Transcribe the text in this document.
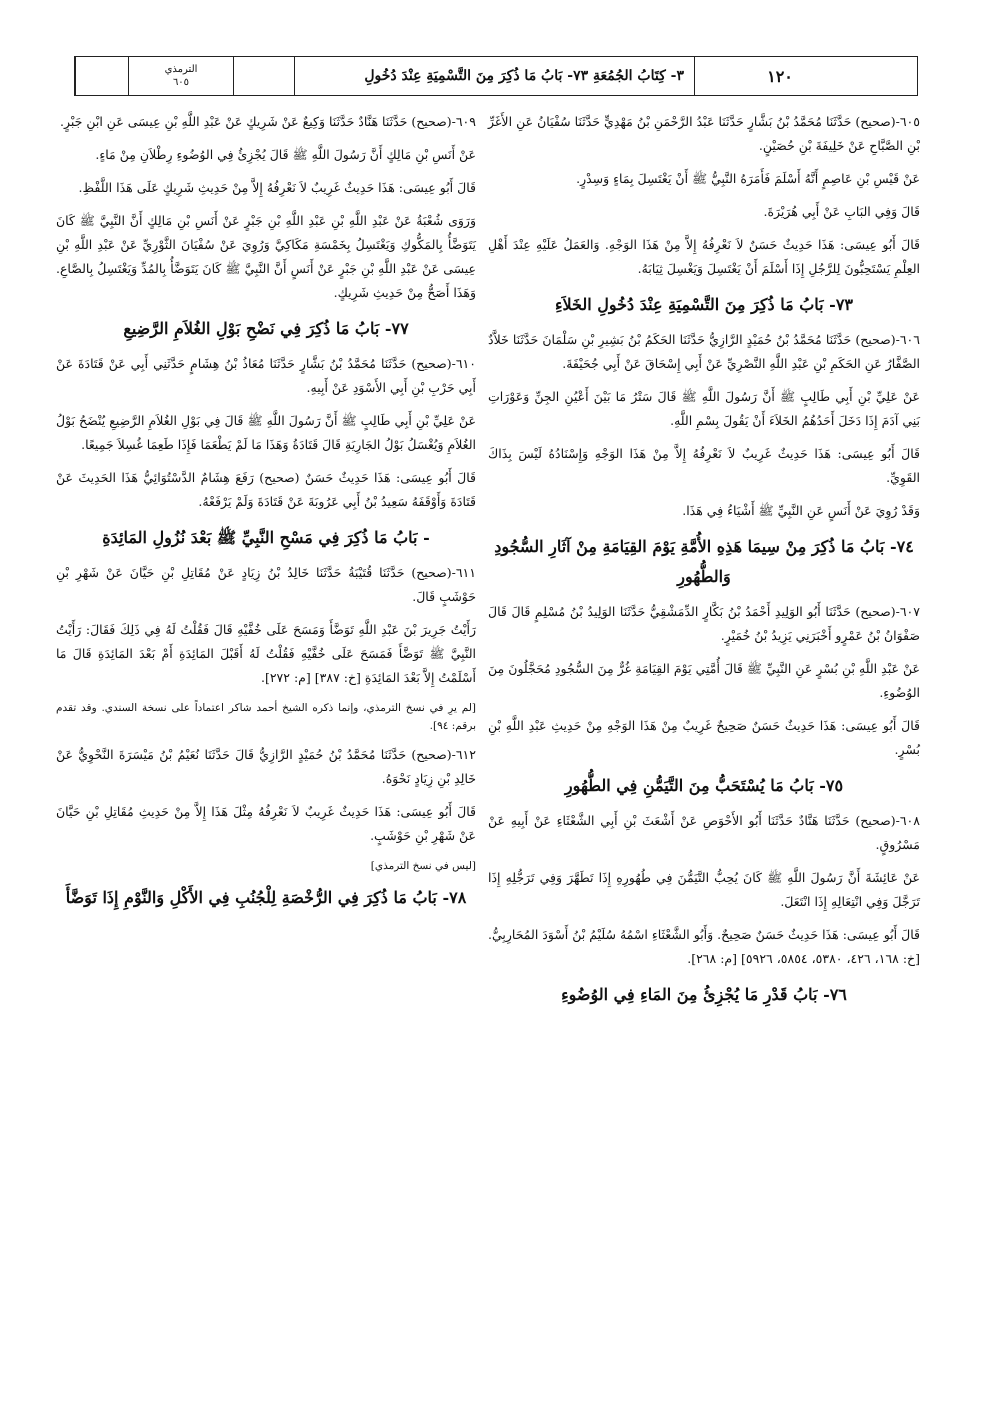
الترمذي
٦٠٥	٣- كِتَابُ الجُمُعَةِ ٧٣- بَابُ مَا ذُكِرَ مِنَ التَّسْمِيَةِ عِنْدَ دُخُولِ	١٢٠
٦٠٥-(صحيح) حَدَّثَنَا مُحَمَّدُ بْنُ بَشَّارٍ حَدَّثَنَا عَبْدُ الرَّحْمَنِ بْنُ مَهْدِيٍّ حَدَّثَنَا سُفْيَانُ عَنِ الأَغَرِّ بْنِ الصَّبَّاحِ عَنْ خَلِيفَةَ بْنِ حُصَيْنٍ.
عَنْ قَيْسِ بْنِ عَاصِمٍ أَنَّهُ أَسْلَمَ فَأَمَرَهُ النَّبِيُّ ﷺ أَنْ يَغْتَسِلَ بِمَاءٍ وَسِدْرٍ.
قَالَ وَفِي البَابِ عَنْ أَبِي هُرَيْرَةَ.
قَالَ أَبُو عِيسَى: هَذَا حَدِيثٌ حَسَنٌ لاَ نَعْرِفُهُ إِلاَّ مِنْ هَذَا الوَجْهِ. وَالعَمَلُ عَلَيْهِ عِنْدَ أَهْلِ العِلْمِ يَسْتَحِبُّونَ لِلرَّجُلِ إِذَا أَسْلَمَ أَنْ يَغْتَسِلَ وَيَغْسِلَ ثِيَابَهُ.
٧٣- بَابُ مَا ذُكِرَ مِنَ التَّسْمِيَةِ عِنْدَ دُخُولِ الخَلاَءِ
٦٠٦-(صحيح) حَدَّثَنَا مُحَمَّدُ بْنُ حُمَيْدٍ الرَّازِيُّ حَدَّثَنَا الحَكَمُ بْنُ بَشِيرِ بْنِ سَلْمَانَ حَدَّثَنَا خَلاَّدٌ الصَّفَّارُ عَنِ الحَكَمِ بْنِ عَبْدِ اللَّهِ النَّصْرِيِّ عَنْ أَبِي إِسْحَاقَ عَنْ أَبِي جُحَيْفَةَ.
عَنْ عَلِيِّ بْنِ أَبِي طَالِبٍ ﷺ أَنَّ رَسُولَ اللَّهِ ﷺ قَالَ سَتْرُ مَا بَيْنَ أَعْيُنِ الجِنِّ وَعَوْرَاتِ بَنِي آدَمَ إِذَا دَخَلَ أَحَدُهُمُ الخَلاَءَ أَنْ يَقُولَ بِسْمِ اللَّهِ.
قَالَ أَبُو عِيسَى: هَذَا حَدِيثٌ غَرِيبٌ لاَ نَعْرِفُهُ إِلاَّ مِنْ هَذَا الوَجْهِ وَإِسْنَادُهُ لَيْسَ بِذَاكَ القَوِيِّ.
وَقَدْ رُوِيَ عَنْ أَنَسٍ عَنِ النَّبِيِّ ﷺ أَشْيَاءُ فِي هَذَا.
٧٤- بَابُ مَا ذُكِرَ مِنْ سِيمَا هَذِهِ الأُمَّةِ يَوْمَ القِيَامَةِ مِنْ آثَارِ السُّجُودِ وَالطُّهُورِ
٦٠٧-(صحيح) حَدَّثَنَا أَبُو الوَلِيدِ أَحْمَدُ بْنُ بَكَّارٍ الدِّمَشْقِيُّ حَدَّثَنَا الوَلِيدُ بْنُ مُسْلِمٍ قَالَ قَالَ صَفْوَانُ بْنُ عَمْرٍو أَخْبَرَنِي يَزِيدُ بْنُ خُمَيْرٍ.
عَنْ عَبْدِ اللَّهِ بْنِ بُسْرٍ عَنِ النَّبِيِّ ﷺ قَالَ أُمَّتِي يَوْمَ القِيَامَةِ غُرٌّ مِنَ السُّجُودِ مُحَجَّلُونَ مِنَ الوُضُوءِ.
قَالَ أَبُو عِيسَى: هَذَا حَدِيثٌ حَسَنٌ صَحِيحٌ غَرِيبٌ مِنْ هَذَا الوَجْهِ مِنْ حَدِيثِ عَبْدِ اللَّهِ بْنِ بُسْرٍ.
٧٥- بَابُ مَا يُسْتَحَبُّ مِنَ التَّيَمُّنِ فِي الطُّهُورِ
٦٠٨-(صحيح) حَدَّثَنَا هَنَّادٌ حَدَّثَنَا أَبُو الأَحْوَصِ عَنْ أَشْعَثَ بْنِ أَبِي الشَّعْثَاءِ عَنْ أَبِيهِ عَنْ مَسْرُوقٍ.
عَنْ عَائِشَةَ أَنَّ رَسُولَ اللَّهِ ﷺ كَانَ يُحِبُّ التَّيَمُّنَ فِي طُهُورِهِ إِذَا تَطَهَّرَ وَفِي تَرَجُّلِهِ إِذَا تَرَجَّلَ وَفِي انْتِعَالِهِ إِذَا انْتَعَلَ.
قَالَ أَبُو عِيسَى: هَذَا حَدِيثٌ حَسَنٌ صَحِيحٌ. وَأَبُو الشَّعْثَاءِ اسْمُهُ سُلَيْمُ بْنُ أَسْوَدَ المُحَارِبِيُّ. [خ: ١٦٨، ٤٢٦، ٥٣٨٠، ٥٨٥٤، ٥٩٢٦] [م: ٢٦٨].
٧٦- بَابُ قَدْرِ مَا يُجْزِئُ مِنَ المَاءِ فِي الوُضُوءِ
٦٠٩-(صحيح) حَدَّثَنَا هَنَّادٌ حَدَّثَنَا وَكِيعٌ عَنْ شَرِيكٍ عَنْ عَبْدِ اللَّهِ بْنِ عِيسَى عَنِ ابْنِ جَبْرٍ.
عَنْ أَنَسِ بْنِ مَالِكٍ أَنَّ رَسُولَ اللَّهِ ﷺ قَالَ يُجْزِئُ فِي الوُضُوءِ رِطْلاَنِ مِنْ مَاءٍ.
قَالَ أَبُو عِيسَى: هَذَا حَدِيثٌ غَرِيبٌ لاَ نَعْرِفُهُ إِلاَّ مِنْ حَدِيثِ شَرِيكٍ عَلَى هَذَا اللَّفْظِ.
وَرَوَى شُعْبَةُ عَنْ عَبْدِ اللَّهِ بْنِ عَبْدِ اللَّهِ بْنِ جَبْرٍ عَنْ أَنَسِ بْنِ مَالِكٍ أَنَّ النَّبِيَّ ﷺ كَانَ يَتَوَضَّأُ بِالمَكُّوكِ وَيَغْتَسِلُ بِخَمْسَةِ مَكَاكِيَّ وَرُوِيَ عَنْ سُفْيَانَ الثَّوْرِيِّ عَنْ عَبْدِ اللَّهِ بْنِ عِيسَى عَنْ عَبْدِ اللَّهِ بْنِ جَبْرٍ عَنْ أَنَسٍ أَنَّ النَّبِيَّ ﷺ كَانَ يَتَوَضَّأُ بِالمُدِّ وَيَغْتَسِلُ بِالصَّاعِ. وَهَذَا أَصَحُّ مِنْ حَدِيثِ شَرِيكٍ.
٧٧- بَابُ مَا ذُكِرَ فِي نَضْحِ بَوْلِ الغُلاَمِ الرَّضِيعِ
٦١٠-(صحيح) حَدَّثَنَا مُحَمَّدُ بْنُ بَشَّارٍ حَدَّثَنَا مُعَاذُ بْنُ هِشَامٍ حَدَّثَنِي أَبِي عَنْ قَتَادَةَ عَنْ أَبِي حَرْبِ بْنِ أَبِي الأَسْوَدِ عَنْ أَبِيهِ.
عَنْ عَلِيِّ بْنِ أَبِي طَالِبٍ ﷺ أَنَّ رَسُولَ اللَّهِ ﷺ قَالَ فِي بَوْلِ الغُلاَمِ الرَّضِيعِ يُنْضَحُ بَوْلُ الغُلاَمِ وَيُغْسَلُ بَوْلُ الجَارِيَةِ قَالَ قَتَادَةُ وَهَذَا مَا لَمْ يَطْعَمَا فَإِذَا طَعِمَا غُسِلاَ جَمِيعًا.
قَالَ أَبُو عِيسَى: هَذَا حَدِيثٌ حَسَنٌ (صحيح) رَفَعَ هِشَامٌ الدَّسْتُوَائِيُّ هَذَا الحَدِيثَ عَنْ قَتَادَةَ وَأَوْقَفَهُ سَعِيدُ بْنُ أَبِي عَرُوبَةَ عَنْ قَتَادَةَ وَلَمْ يَرْفَعْهُ.
- بَابُ مَا ذُكِرَ فِي مَسْحِ النَّبِيِّ ﷺ بَعْدَ نُزُولِ المَائِدَةِ
٦١١-(صحيح) حَدَّثَنَا قُتَيْبَةُ حَدَّثَنَا خَالِدُ بْنُ زِيَادٍ عَنْ مُقَاتِلِ بْنِ حَيَّانَ عَنْ شَهْرِ بْنِ حَوْشَبٍ قَالَ.
رَأَيْتُ جَرِيرَ بْنَ عَبْدِ اللَّهِ تَوَضَّأَ وَمَسَحَ عَلَى خُفَّيْهِ قَالَ فَقُلْتُ لَهُ فِي ذَلِكَ فَقَالَ: رَأَيْتُ النَّبِيَّ ﷺ تَوَضَّأَ فَمَسَحَ عَلَى خُفَّيْهِ فَقُلْتُ لَهُ أَقَبْلَ المَائِدَةِ أَمْ بَعْدَ المَائِدَةِ قَالَ مَا أَسْلَمْتُ إِلاَّ بَعْدَ المَائِدَةِ [خ: ٣٨٧] [م: ٢٧٢].
[لم يرِ في نسخ الترمذي، وإنما ذكره الشيخ أحمد شاكر اعتماداً على نسخة السندي. وقد تقدم برقم: ٩٤].
٦١٢-(صحيح) حَدَّثَنَا مُحَمَّدُ بْنُ حُمَيْدٍ الرَّازِيُّ قَالَ حَدَّثَنَا نُعَيْمُ بْنُ مَيْسَرَةَ النَّحْوِيُّ عَنْ خَالِدِ بْنِ زِيَادٍ نَحْوَهُ.
قَالَ أَبُو عِيسَى: هَذَا حَدِيثٌ غَرِيبٌ لاَ نَعْرِفُهُ مِثْلَ هَذَا إِلاَّ مِنْ حَدِيثِ مُقَاتِلِ بْنِ حَيَّانَ عَنْ شَهْرِ بْنِ حَوْشَبٍ.
[ليس في نسخ الترمذي]
٧٨- بَابُ مَا ذُكِرَ فِي الرُّخْصَةِ لِلْجُنُبِ فِي الأَكْلِ وَالنَّوْمِ إِذَا تَوَضَّأَ
